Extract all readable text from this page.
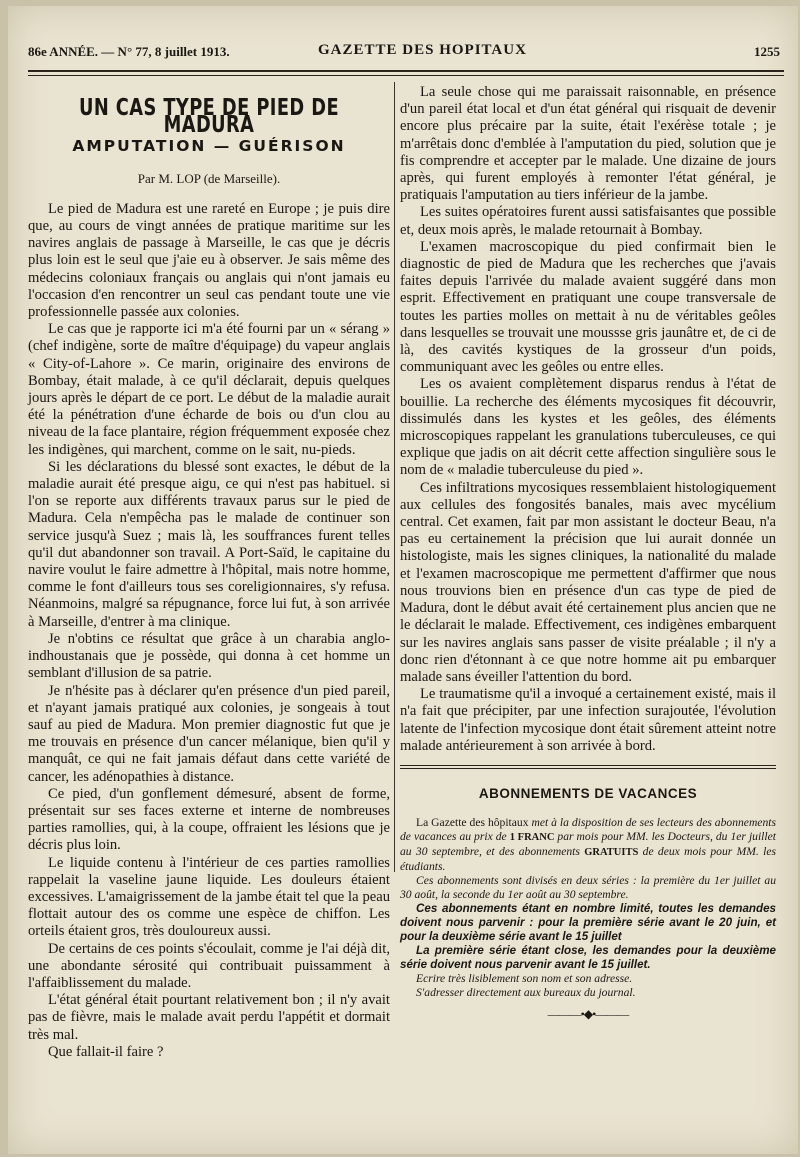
86e ANNÉE. — N° 77, 8 juillet 1913.	GAZETTE DES HOPITAUX	1255
UN CAS TYPE DE PIED DE MADURA
AMPUTATION — GUÉRISON
Par M. LOP (de Marseille).

Le pied de Madura est une rareté en Europe ; je puis dire que, au cours de vingt années de pratique maritime sur les navires anglais de passage à Marseille, le cas que je décris plus loin est le seul que j'aie eu à observer. Je sais même des médecins coloniaux français ou anglais qui n'ont jamais eu l'occasion d'en rencontrer un seul cas pendant toute une vie professionnelle passée aux colonies.

Le cas que je rapporte ici m'a été fourni par un « sérang » (chef indigène, sorte de maître d'équipage) du vapeur anglais « City-of-Lahore ». Ce marin, originaire des environs de Bombay, était malade, à ce qu'il déclarait, depuis quelques jours après le départ de ce port. Le début de la maladie aurait été la pénétration d'une écharde de bois ou d'un clou au niveau de la face plantaire, région fréquemment exposée chez les indigènes, qui marchent, comme on le sait, nu-pieds.

Si les déclarations du blessé sont exactes, le début de la maladie aurait été presque aigu, ce qui n'est pas habituel. si l'on se reporte aux différents travaux parus sur le pied de Madura. Cela n'empêcha pas le malade de continuer son service jusqu'à Suez ; mais là, les souffrances furent telles qu'il dut abandonner son travail. A Port-Saïd, le capitaine du navire voulut le faire admettre à l'hôpital, mais notre homme, comme le font d'ailleurs tous ses coreligionnaires, s'y refusa. Néanmoins, malgré sa répugnance, force lui fut, à son arrivée à Marseille, d'entrer à ma clinique.

Je n'obtins ce résultat que grâce à un charabia anglo-indhoustanais que je possède, qui donna à cet homme un semblant d'illusion de sa patrie.

Je n'hésite pas à déclarer qu'en présence d'un pied pareil, et n'ayant jamais pratiqué aux colonies, je songeais à tout sauf au pied de Madura. Mon premier diagnostic fut que je me trouvais en présence d'un cancer mélanique, bien qu'il y manquât, ce qui ne fait jamais défaut dans cette variété de cancer, les adénopathies à distance.

Ce pied, d'un gonflement démesuré, absent de forme, présentait sur ses faces externe et interne de nombreuses parties ramollies, qui, à la coupe, offraient les lésions que je décris plus loin.

Le liquide contenu à l'intérieur de ces parties ramollies rappelait la vaseline jaune liquide. Les douleurs étaient excessives. L'amaigrissement de la jambe était tel que la peau flottait autour des os comme une espèce de chiffon. Les orteils étaient gros, très douloureux aussi.

De certains de ces points s'écoulait, comme je l'ai déjà dit, une abondante sérosité qui contribuait puissamment à l'affaiblissement du malade.

L'état général était pourtant relativement bon ; il n'y avait pas de fièvre, mais le malade avait perdu l'appétit et dormait très mal.

Que fallait-il faire ?

La seule chose qui me paraissait raisonnable, en présence d'un pareil état local et d'un état général qui risquait de devenir encore plus précaire par la suite, était l'exérèse totale ; je m'arrêtais donc d'emblée à l'amputation du pied, solution que je fis comprendre et accepter par le malade. Une dizaine de jours après, qui furent employés à remonter l'état général, je pratiquais l'amputation au tiers inférieur de la jambe.

Les suites opératoires furent aussi satisfaisantes que possible et, deux mois après, le malade retournait à Bombay.

L'examen macroscopique du pied confirmait bien le diagnostic de pied de Madura que les recherches que j'avais faites depuis l'arrivée du malade avaient suggéré dans mon esprit. Effectivement en pratiquant une coupe transversale de toutes les parties molles on mettait à nu de véritables geôles dans lesquelles se trouvait une moussse gris jaunâtre et, de ci de là, des cavités kystiques de la grosseur d'un poids, communiquant avec les geôles ou entre elles.

Les os avaient complètement disparus rendus à l'état de bouillie. La recherche des éléments mycosiques fit découvrir, dissimulés dans les kystes et les geôles, des éléments microscopiques rappelant les granulations tuberculeuses, ce qui explique que jadis on ait décrit cette affection singulière sous le nom de « maladie tuberculeuse du pied ».

Ces infiltrations mycosiques ressemblaient histologiquement aux cellules des fongosités banales, mais avec mycélium central. Cet examen, fait par mon assistant le docteur Beau, n'a pas eu certainement la précision que lui aurait donnée un histologiste, mais les signes cliniques, la nationalité du malade et l'examen macroscopique me permettent d'affirmer que nous nous trouvions bien en présence d'un cas type de pied de Madura, dont le début avait été certainement plus ancien que ne le déclarait le malade. Effectivement, ces indigènes embarquent sur les navires anglais sans passer de visite préalable ; il n'y a donc rien d'étonnant à ce que notre homme ait pu embarquer malade sans éveiller l'attention du bord.

Le traumatisme qu'il a invoqué a certainement existé, mais il n'a fait que précipiter, par une infection surajoutée, l'évolution latente de l'infection mycosique dont était sûrement atteint notre malade antérieurement à son arrivée à bord.

ABONNEMENTS DE VACANCES

La Gazette des hôpitaux met à la disposition de ses lecteurs des abonnements de vacances au prix de 1 FRANC par mois pour MM. les Docteurs, du 1er juillet au 30 septembre, et des abonnements GRATUITS de deux mois pour MM. les étudiants.

Ces abonnements sont divisés en deux séries : la première du 1er juillet au 30 août, la seconde du 1er août au 30 septembre.

Ces abonnements étant en nombre limité, toutes les demandes doivent nous parvenir : pour la première série avant le 20 juin, et pour la deuxième série avant le 15 juillet

La première série étant close, les demandes pour la deuxième série doivent nous parvenir avant le 15 juillet.

Ecrire très lisiblement son nom et son adresse.

S'adresser directement aux bureaux du journal.

———•◆•———
